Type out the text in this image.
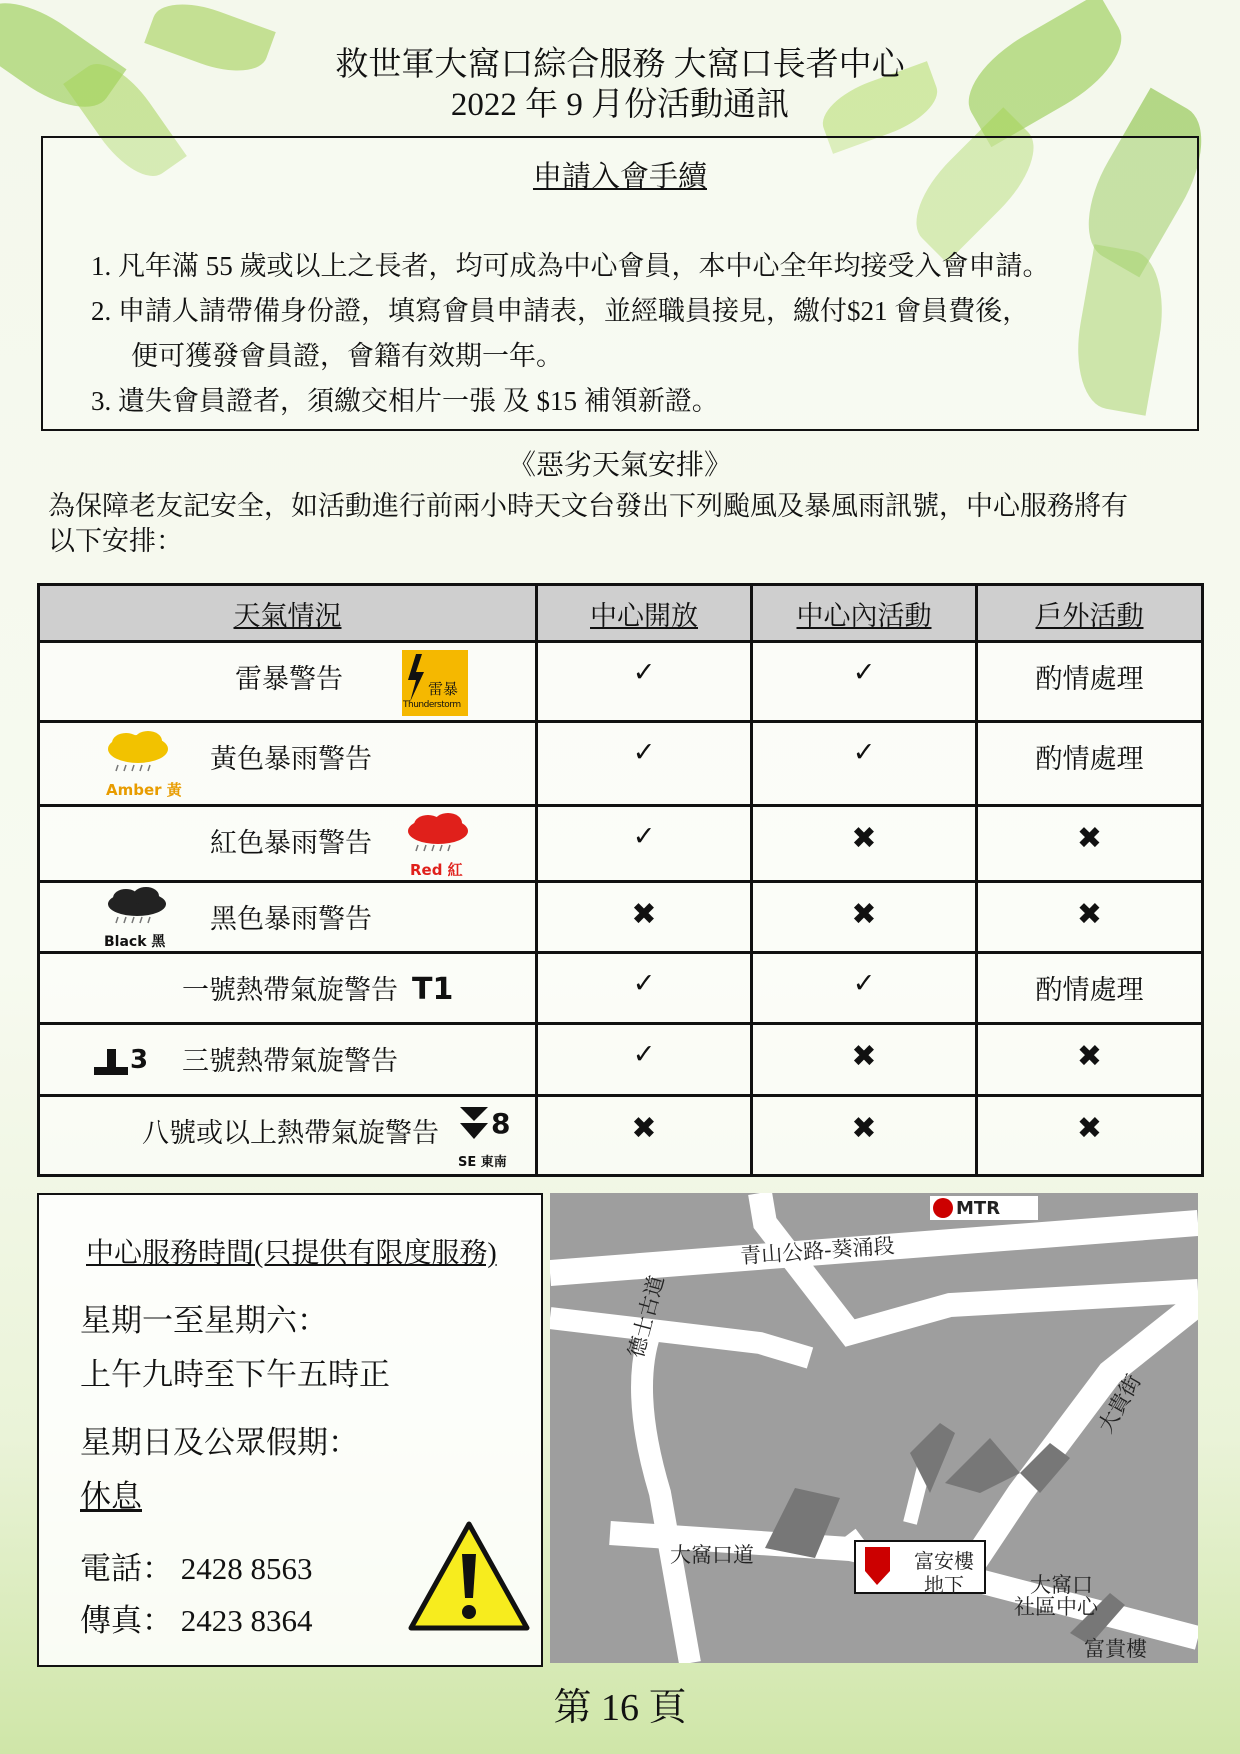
救世軍大窩口綜合服務 大窩口長者中心
2022 年 9 月份活動通訊
申請入會手續
1. 凡年滿 55 歲或以上之長者，均可成為中心會員，本中心全年均接受入會申請。
2. 申請人請帶備身份證，填寫會員申請表，並經職員接見，繳付$21 會員費後，
便可獲發會員證，會籍有效期一年。
3. 遺失會員證者，須繳交相片一張 及 $15 補領新證。
《惡劣天氣安排》
為保障老友記安全，如活動進行前兩小時天文台發出下列颱風及暴風雨訊號，中心服務將有
以下安排：
天氣情況	中心開放	中心內活動	戶外活動

雷暴警告 雷暴
Thunderstorm	✓	✓	酌情處理

Amber 黃
黃色暴雨警告	✓	✓	酌情處理

紅色暴雨警告
Red 紅	✓	✖	✖

Black 黑
黑色暴雨警告	✖	✖	✖

一號熱帶氣旋警告 T1	✓	✓	酌情處理

3 三號熱帶氣旋警告	✓	✖	✖

八號或以上熱帶氣旋警告 8
SE 東南	✖	✖	✖
中心服務時間(只提供有限度服務)
星期一至星期六：
上午九時至下午五時正
星期日及公眾假期：
休息
電話： 2428 8563
傳真： 2423 8364
MTR
青山公路-葵涌段
德士古道
大窩口道
大貴街
富安樓
地下	大窩口
社區中心
富貴樓
第 16 頁
